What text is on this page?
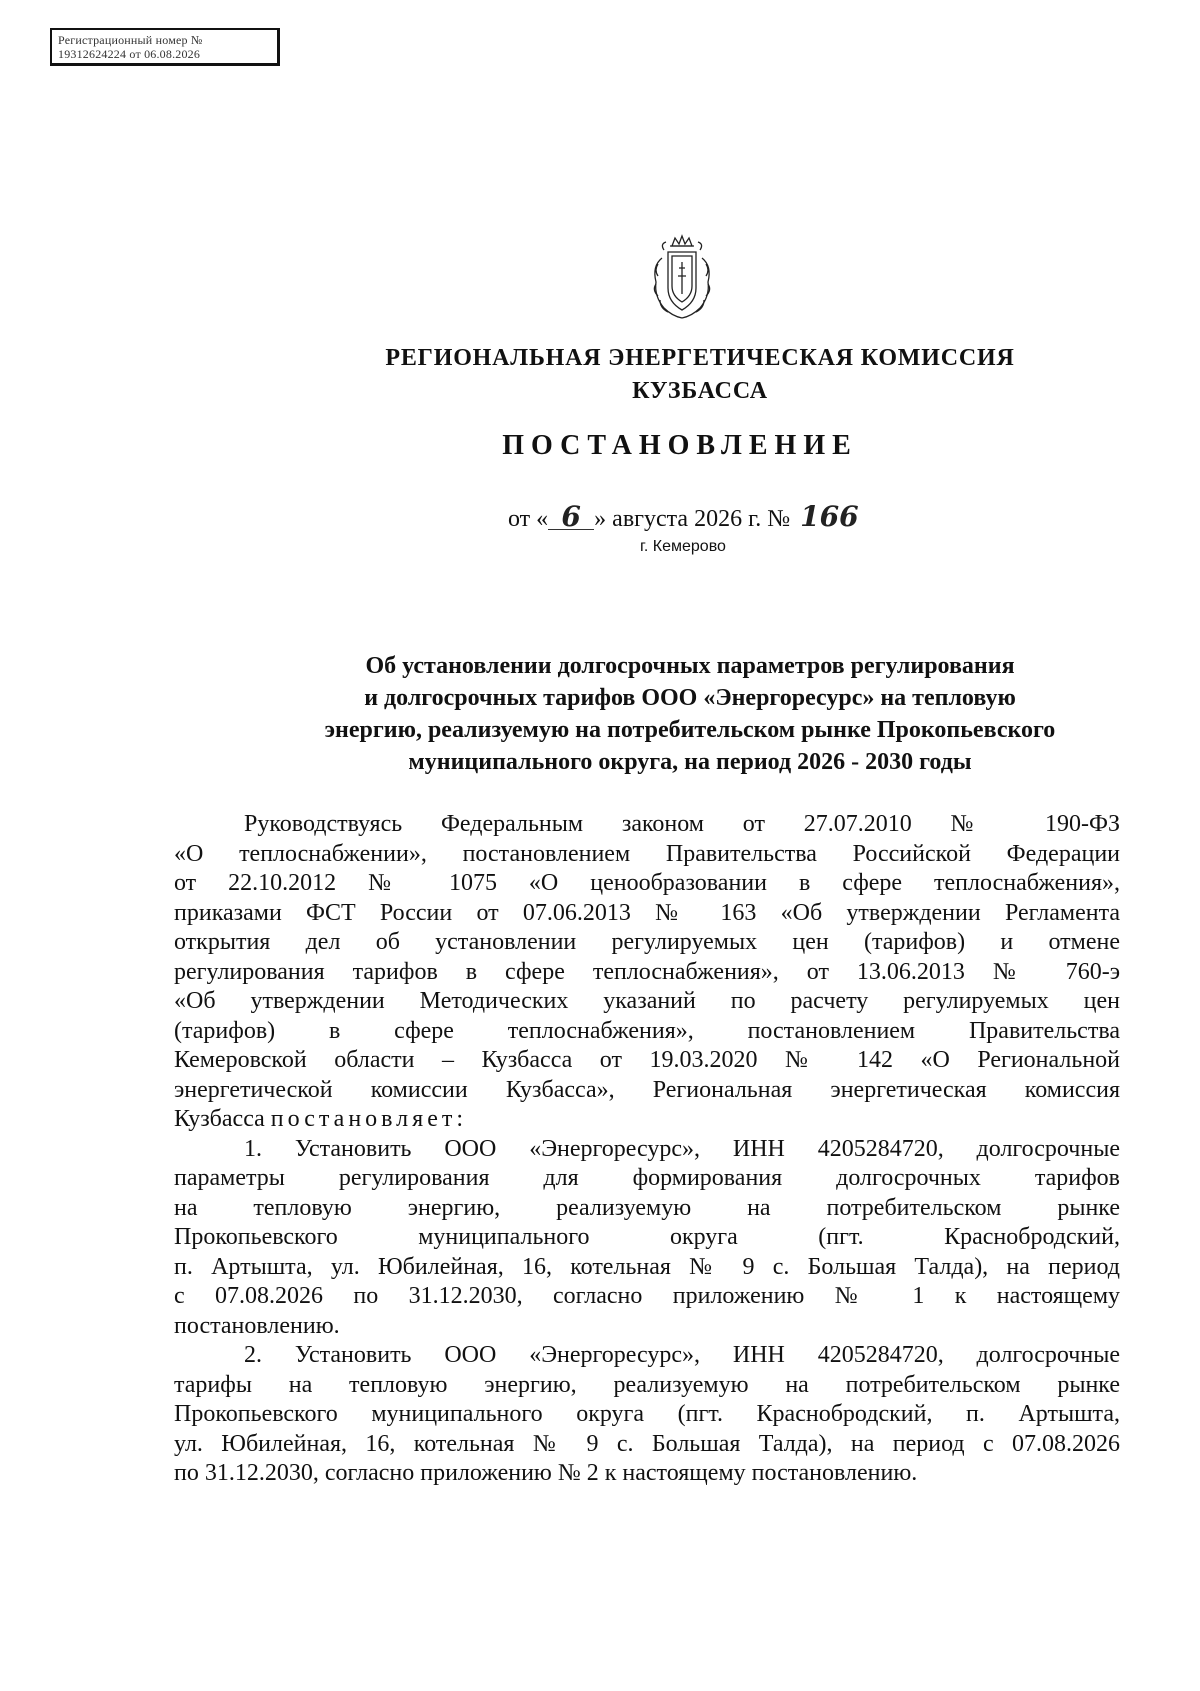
Регистрационный номер №
19312624224 от 06.08.2026
РЕГИОНАЛЬНАЯ ЭНЕРГЕТИЧЕСКАЯ КОМИССИЯ
КУЗБАССА
ПОСТАНОВЛЕНИЕ
от « 6 » августа 2026 г. № 166
г. Кемерово
Об установлении долгосрочных параметров регулирования
и долгосрочных тарифов ООО «Энергоресурс» на тепловую
энергию, реализуемую на потребительском рынке Прокопьевского
муниципального округа, на период 2026 - 2030 годы
Руководствуясь Федеральным законом от 27.07.2010 № 190-ФЗ
«О теплоснабжении», постановлением Правительства Российской Федерации
от 22.10.2012 № 1075 «О ценообразовании в сфере теплоснабжения»,
приказами ФСТ России от 07.06.2013 № 163 «Об утверждении Регламента
открытия дел об установлении регулируемых цен (тарифов) и отмене
регулирования тарифов в сфере теплоснабжения», от 13.06.2013 № 760-э
«Об утверждении Методических указаний по расчету регулируемых цен
(тарифов) в сфере теплоснабжения», постановлением Правительства
Кемеровской области – Кузбасса от 19.03.2020 № 142 «О Региональной
энергетической комиссии Кузбасса», Региональная энергетическая комиссия
Кузбасса постановляет:
1. Установить ООО «Энергоресурс», ИНН 4205284720, долгосрочные
параметры регулирования для формирования долгосрочных тарифов
на тепловую энергию, реализуемую на потребительском рынке
Прокопьевского муниципального округа (пгт. Краснобродский,
п. Артышта, ул. Юбилейная, 16, котельная № 9 с. Большая Талда), на период
с 07.08.2026 по 31.12.2030, согласно приложению № 1 к настоящему
постановлению.
2. Установить ООО «Энергоресурс», ИНН 4205284720, долгосрочные
тарифы на тепловую энергию, реализуемую на потребительском рынке
Прокопьевского муниципального округа (пгт. Краснобродский, п. Артышта,
ул. Юбилейная, 16, котельная № 9 с. Большая Талда), на период с 07.08.2026
по 31.12.2030, согласно приложению № 2 к настоящему постановлению.
